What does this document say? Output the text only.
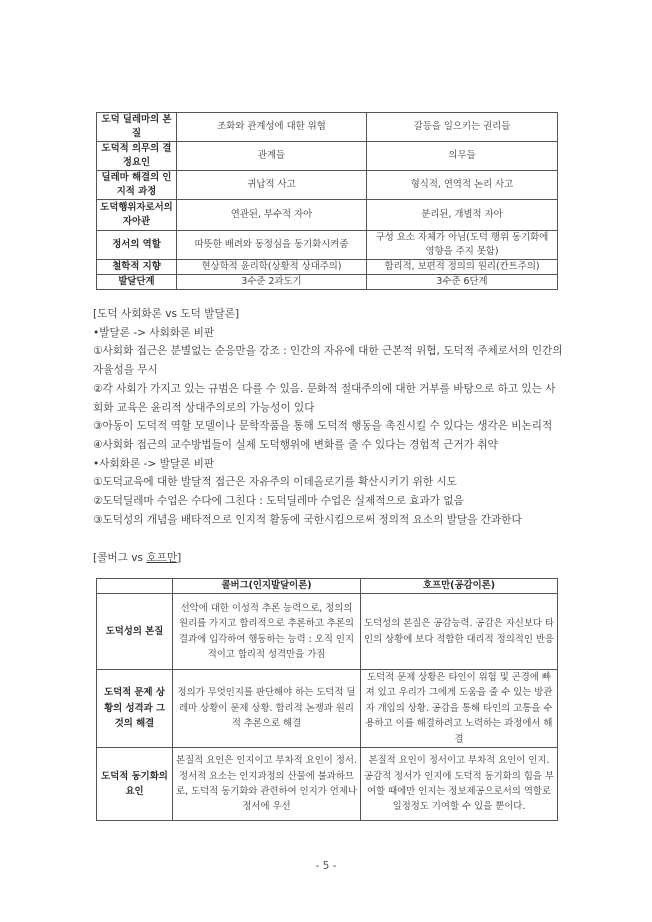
도덕 딜레마의 본질	조화와 관계성에 대한 위협	갈등을 일으키는 권리들
도덕적 의무의 결정요인	관계들	의무들
딜레마 해결의 인지적 과정	귀납적 사고	형식적, 연역적 논리 사고
도덕행위자로서의 자아관	연관된, 부수적 자아	분리된, 개별적 자아
정서의 역할	따뜻한 배려와 동정심을 동기화시켜줌	구성 요소 자체가 아님(도덕 행위 동기화에 영향을 주지 못함)
철학적 지향	현상학적 윤리학(상황적 상대주의)	합리적, 보편적 정의의 원리(칸트주의)
발달단계	3수준 2과도기	3수준 6단계

[도덕 사회화론 vs 도덕 발달론]

•발달론 -> 사회화론 비판

①사회화 접근은 분별없는 순응만을 강조 : 인간의 자유에 대한 근본적 위협, 도덕적 주체로서의 인간의 자율성을 무시

②각 사회가 가지고 있는 규범은 다를 수 있음. 문화적 절대주의에 대한 거부를 바탕으로 하고 있는 사회화 교육은 윤리적 상대주의로의 가능성이 있다

③아동이 도덕적 역할 모델이나 문학작품을 통해 도덕적 행동을 촉진시킬 수 있다는 생각은 비논리적

④사회화 접근의 교수방법들이 실제 도덕행위에 변화를 줄 수 있다는 경험적 근거가 취약

•사회화론 -> 발달론 비판

①도덕교육에 대한 발달적 접근은 자유주의 이데올로기를 확산시키기 위한 시도

②도덕딜레마 수업은 수다에 그친다 : 도덕딜레마 수업은 실제적으로 효과가 없음

③도덕성의 개념을 배타적으로 인지적 활동에 국한시킴으로써 정의적 요소의 발달을 간과한다

[콜버그 vs 호프만]

	콜버그(인지발달이론)	호프만(공감이론)
도덕성의 본질	선악에 대한 이성적 추론 능력으로, 정의의 원리를 가지고 합리적으로 추론하고 추론의 결과에 입각하여 행동하는 능력 : 오직 인지적이고 합리적 성격만을 가짐	도덕성의 본질은 공감능력. 공감은 자신보다 타인의 상황에 보다 적합한 대리적 정의적인 반응
도덕적 문제 상황의 성격과 그것의 해결	정의가 무엇인지를 판단해야 하는 도덕적 딜레마 상황이 문제 상황. 합리적 논쟁과 원리적 추론으로 해결	도덕적 문제 상황은 타인이 위험 및 곤경에 빠져 있고 우리가 그에게 도움을 줄 수 있는 방관자 개입의 상황. 공감을 통해 타인의 고통을 수용하고 이를 해결하려고 노력하는 과정에서 해결
도덕적 동기화의 요인	본질적 요인은 인지이고 부차적 요인이 정서. 정서적 요소는 인지과정의 산물에 불과하므로, 도덕적 동기화와 관련하여 인지가 언제나 정서에 우선	본질적 요인이 정서이고 부차적 요인이 인지. 공감적 정서가 인지에 도덕적 동기화의 힘을 부여할 때에만 인지는 정보제공으로서의 역할로 일정정도 기여할 수 있을 뿐이다.
- 5 -
